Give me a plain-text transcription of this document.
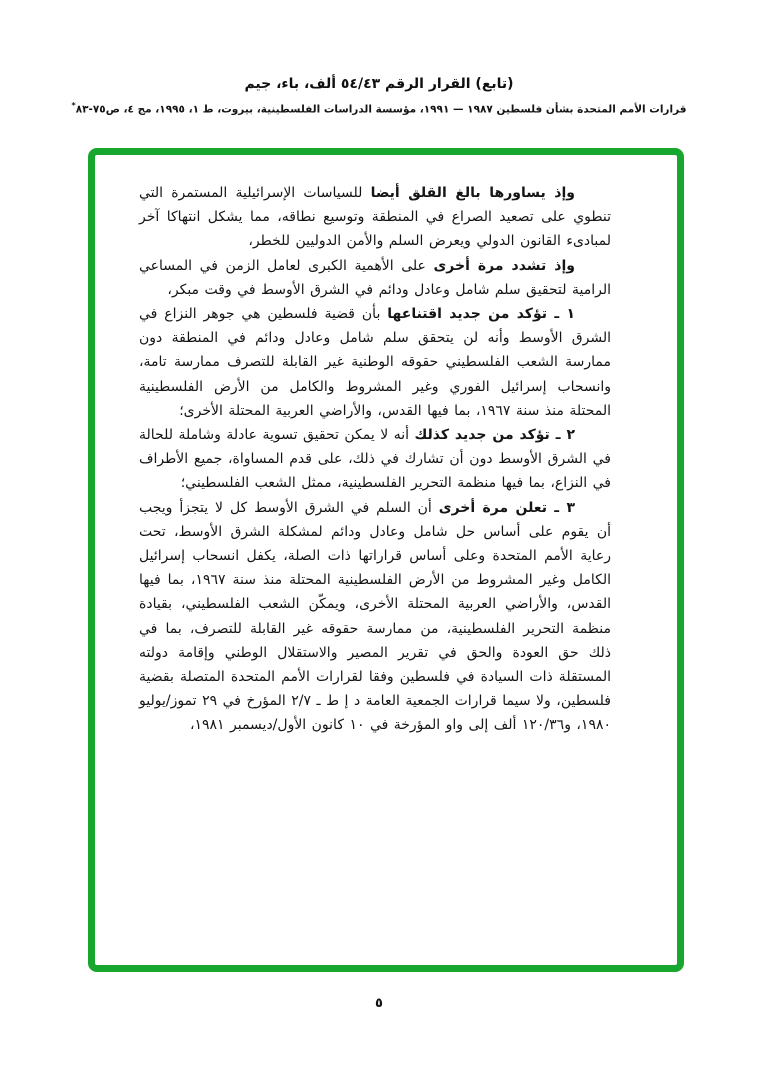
(تابع) القرار الرقم ٥٤/٤٣ ألف، باء، جيم
قرارات الأمم المتحدة بشأن فلسطين ١٩٨٧ — ١٩٩١، مؤسسة الدراسات الفلسطينية، بيروت، ط ١، ١٩٩٥، مج ٤، ص٧٥-٨٣*

وإذ يساورها بالغ القلق أيضا للسياسات الإسرائيلية المستمرة التي تنطوي على تصعيد الصراع في المنطقة وتوسيع نطاقه، مما يشكل انتهاكا آخر لمبادىء القانون الدولي ويعرض السلم والأمن الدوليين للخطر،

وإذ تشدد مرة أخرى على الأهمية الكبرى لعامل الزمن في المساعي الرامية لتحقيق سلم شامل وعادل ودائم في الشرق الأوسط في وقت مبكر،

١ ـ تؤكد من جديد اقتناعها بأن قضية فلسطين هي جوهر النزاع في الشرق الأوسط وأنه لن يتحقق سلم شامل وعادل ودائم في المنطقة دون ممارسة الشعب الفلسطيني حقوقه الوطنية غير القابلة للتصرف ممارسة تامة، وانسحاب إسرائيل الفوري وغير المشروط والكامل من الأرض الفلسطينية المحتلة منذ سنة ١٩٦٧، بما فيها القدس، والأراضي العربية المحتلة الأخرى؛

٢ ـ تؤكد من جديد كذلك أنه لا يمكن تحقيق تسوية عادلة وشاملة للحالة في الشرق الأوسط دون أن تشارك في ذلك، على قدم المساواة، جميع الأطراف في النزاع، بما فيها منظمة التحرير الفلسطينية، ممثل الشعب الفلسطيني؛

٣ ـ تعلن مرة أخرى أن السلم في الشرق الأوسط كل لا يتجزأ ويجب أن يقوم على أساس حل شامل وعادل ودائم لمشكلة الشرق الأوسط، تحت رعاية الأمم المتحدة وعلى أساس قراراتها ذات الصلة، يكفل انسحاب إسرائيل الكامل وغير المشروط من الأرض الفلسطينية المحتلة منذ سنة ١٩٦٧، بما فيها القدس، والأراضي العربية المحتلة الأخرى، ويمكّن الشعب الفلسطيني، بقيادة منظمة التحرير الفلسطينية، من ممارسة حقوقه غير القابلة للتصرف، بما في ذلك حق العودة والحق في تقرير المصير والاستقلال الوطني وإقامة دولته المستقلة ذات السيادة في فلسطين وفقا لقرارات الأمم المتحدة المتصلة بقضية فلسطين، ولا سيما قرارات الجمعية العامة د إ ط ـ ٢/٧ المؤرخ في ٢٩ تموز/يوليو ١٩٨٠، و١٢٠/٣٦ ألف إلى واو المؤرخة في ١٠ كانون الأول/ديسمبر ١٩٨١،

٥
